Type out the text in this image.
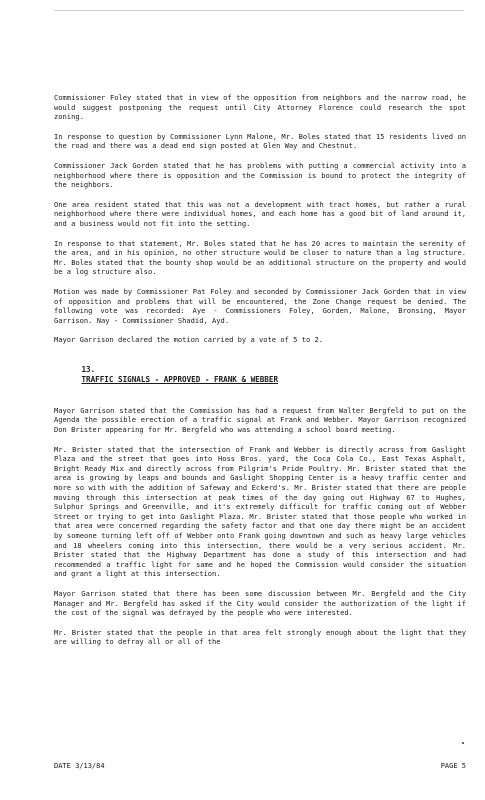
Commissioner Foley stated that in view of the opposition from neighbors and the narrow road, he would suggest postponing the request until City Attorney Florence could research the spot zoning.

In response to question by Commissioner Lynn Malone, Mr. Boles stated that 15 residents lived on the road and there was a dead end sign posted at Glen Way and Chestnut.

Commissioner Jack Gorden stated that he has problems with putting a commercial activity into a neighborhood where there is opposition and the Commission is bound to protect the integrity of the neighbors.

One area resident stated that this was not a development with tract homes, but rather a rural neighborhood where there were individual homes, and each home has a good bit of land around it, and a business would not fit into the setting.

In response to that statement, Mr. Boles stated that he has 20 acres to maintain the serenity of the area, and in his opinion, no other structure would be closer to nature than a log structure. Mr. Boles stated that the bounty shop would be an additional structure on the property and would be a log structure also.

Motion was made by Commissioner Pat Foley and seconded by Commissioner Jack Gorden that in view of opposition and problems that will be encountered, the Zone Change request be denied. The following vote was recorded: Aye - Commissioners Foley, Gorden, Malone, Bronsing, Mayor Garrison. Nay - Commissioner Shadid, Ayd.

Mayor Garrison declared the motion carried by a vote of 5 to 2.

13.
TRAFFIC SIGNALS - APPROVED - FRANK & WEBBER

Mayor Garrison stated that the Commission has had a request from Walter Bergfeld to put on the Agenda the possible erection of a traffic signal at Frank and Webber. Mayor Garrison recognized Don Brister appearing for Mr. Bergfeld who was attending a school board meeting.

Mr. Brister stated that the intersection of Frank and Webber is directly across from Gaslight Plaza and the street that goes into Hoss Bros. yard, the Coca Cola Co., East Texas Asphalt, Bright Ready Mix and directly across from Pilgrim's Pride Poultry. Mr. Brister stated that the area is growing by leaps and bounds and Gaslight Shopping Center is a heavy traffic center and more so with with the addition of Safeway and Eckerd's. Mr. Brister stated that there are people moving through this intersection at peak times of the day going out Highway 67 to Hughes, Sulphur Springs and Greenville, and it's extremely difficult for traffic coming out of Webber Street or trying to get into Gaslight Plaza. Mr. Brister stated that those people who worked in that area were concerned regarding the safety factor and that one day there might be an accident by someone turning left off of Webber onto Frank going downtown and such as heavy large vehicles and 18 wheelers coming into this intersection, there would be a very serious accident. Mr. Brister stated that the Highway Department has done a study of this intersection and had recommended a traffic light for same and he hoped the Commission would consider the situation and grant a light at this intersection.

Mayor Garrison stated that there has been some discussion between Mr. Bergfeld and the City Manager and Mr. Bergfeld has asked if the City would consider the authorization of the light if the cost of the signal was defrayed by the people who were interested.

Mr. Brister stated that the people in that area felt strongly enough about the light that they are willing to defray all or all of the

DATE 3/13/84	PAGE 5
